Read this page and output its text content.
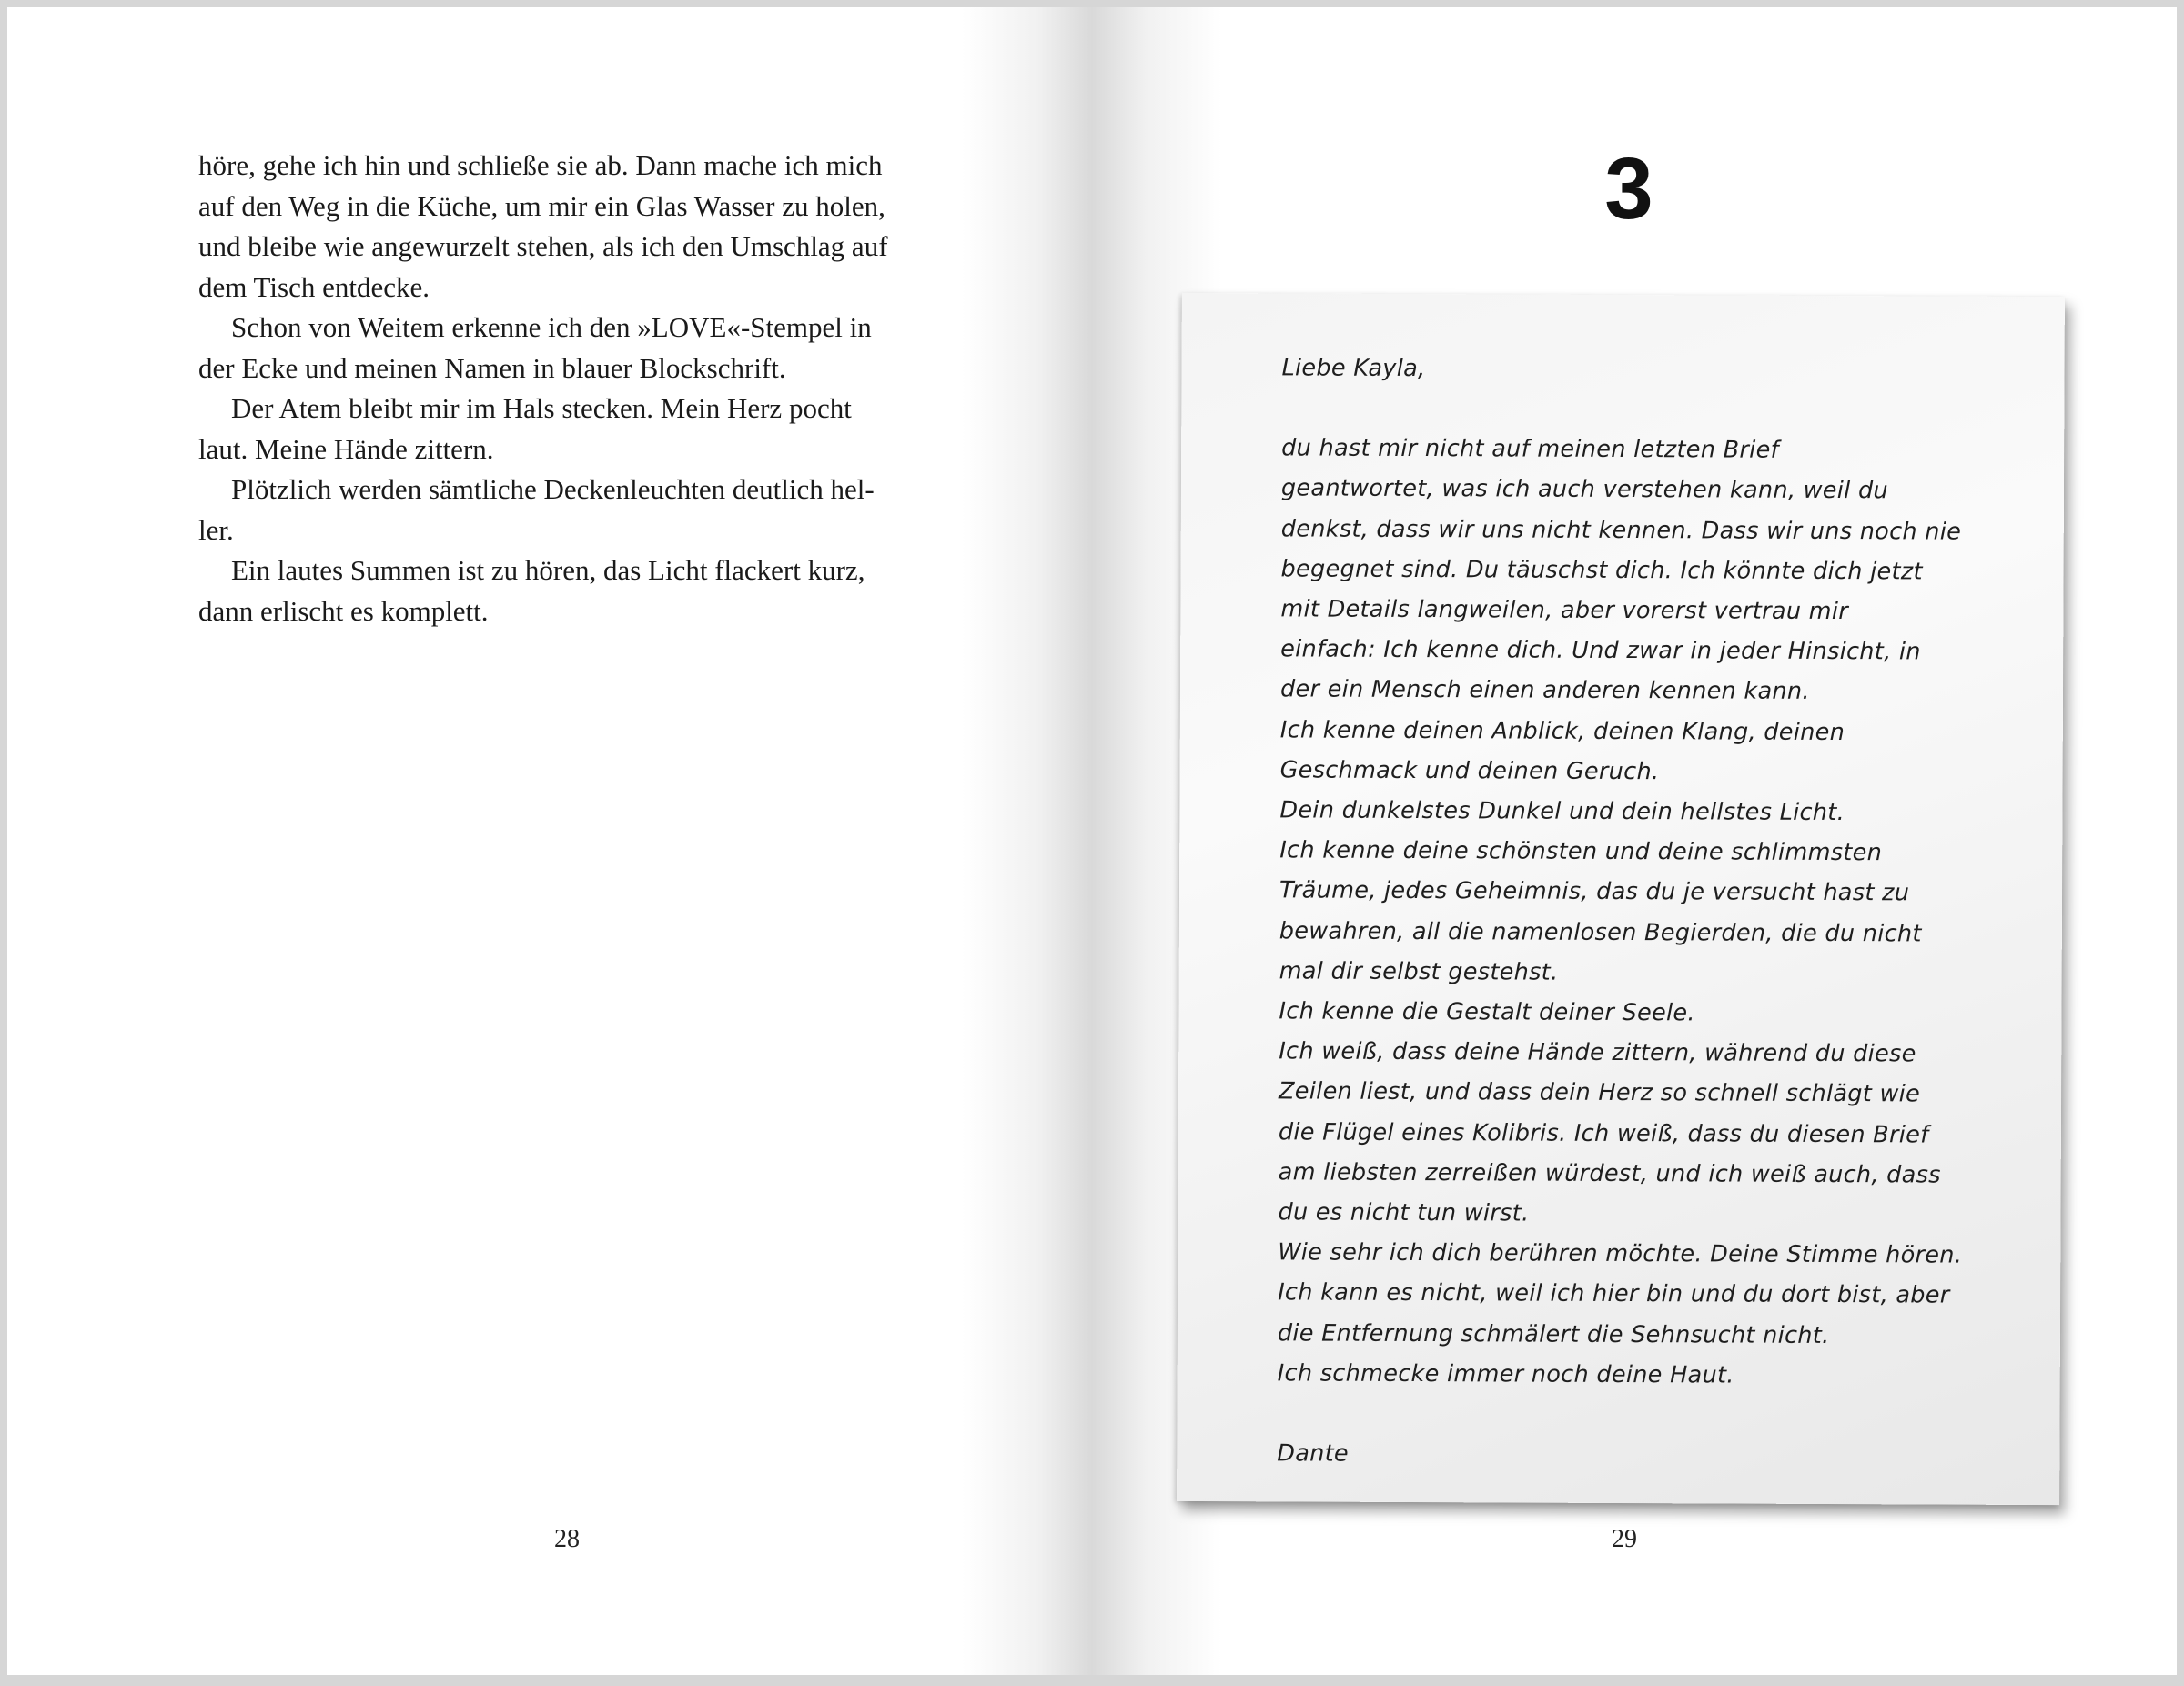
höre, gehe ich hin und schließe sie ab. Dann mache ich mich
auf den Weg in die Küche, um mir ein Glas Wasser zu holen,
und bleibe wie angewurzelt stehen, als ich den Umschlag auf
dem Tisch entdecke.

Schon von Weitem erkenne ich den »LOVE«-Stempel in
der Ecke und meinen Namen in blauer Blockschrift.

Der Atem bleibt mir im Hals stecken. Mein Herz pocht
laut. Meine Hände zittern.

Plötzlich werden sämtliche Deckenleuchten deutlich hel-
ler.

Ein lautes Summen ist zu hören, das Licht flackert kurz,
dann erlischt es komplett.

28
3
Liebe Kayla,
du hast mir nicht auf meinen letzten Brief
geantwortet, was ich auch verstehen kann, weil du
denkst, dass wir uns nicht kennen. Dass wir uns noch nie
begegnet sind. Du täuschst dich. Ich könnte dich jetzt
mit Details langweilen, aber vorerst vertrau mir
einfach: Ich kenne dich. Und zwar in jeder Hinsicht, in
der ein Mensch einen anderen kennen kann.
Ich kenne deinen Anblick, deinen Klang, deinen
Geschmack und deinen Geruch.
Dein dunkelstes Dunkel und dein hellstes Licht.
Ich kenne deine schönsten und deine schlimmsten
Träume, jedes Geheimnis, das du je versucht hast zu
bewahren, all die namenlosen Begierden, die du nicht
mal dir selbst gestehst.
Ich kenne die Gestalt deiner Seele.
Ich weiß, dass deine Hände zittern, während du diese
Zeilen liest, und dass dein Herz so schnell schlägt wie
die Flügel eines Kolibris. Ich weiß, dass du diesen Brief
am liebsten zerreißen würdest, und ich weiß auch, dass
du es nicht tun wirst.
Wie sehr ich dich berühren möchte. Deine Stimme hören.
Ich kann es nicht, weil ich hier bin und du dort bist, aber
die Entfernung schmälert die Sehnsucht nicht.
Ich schmecke immer noch deine Haut.
Dante
29
